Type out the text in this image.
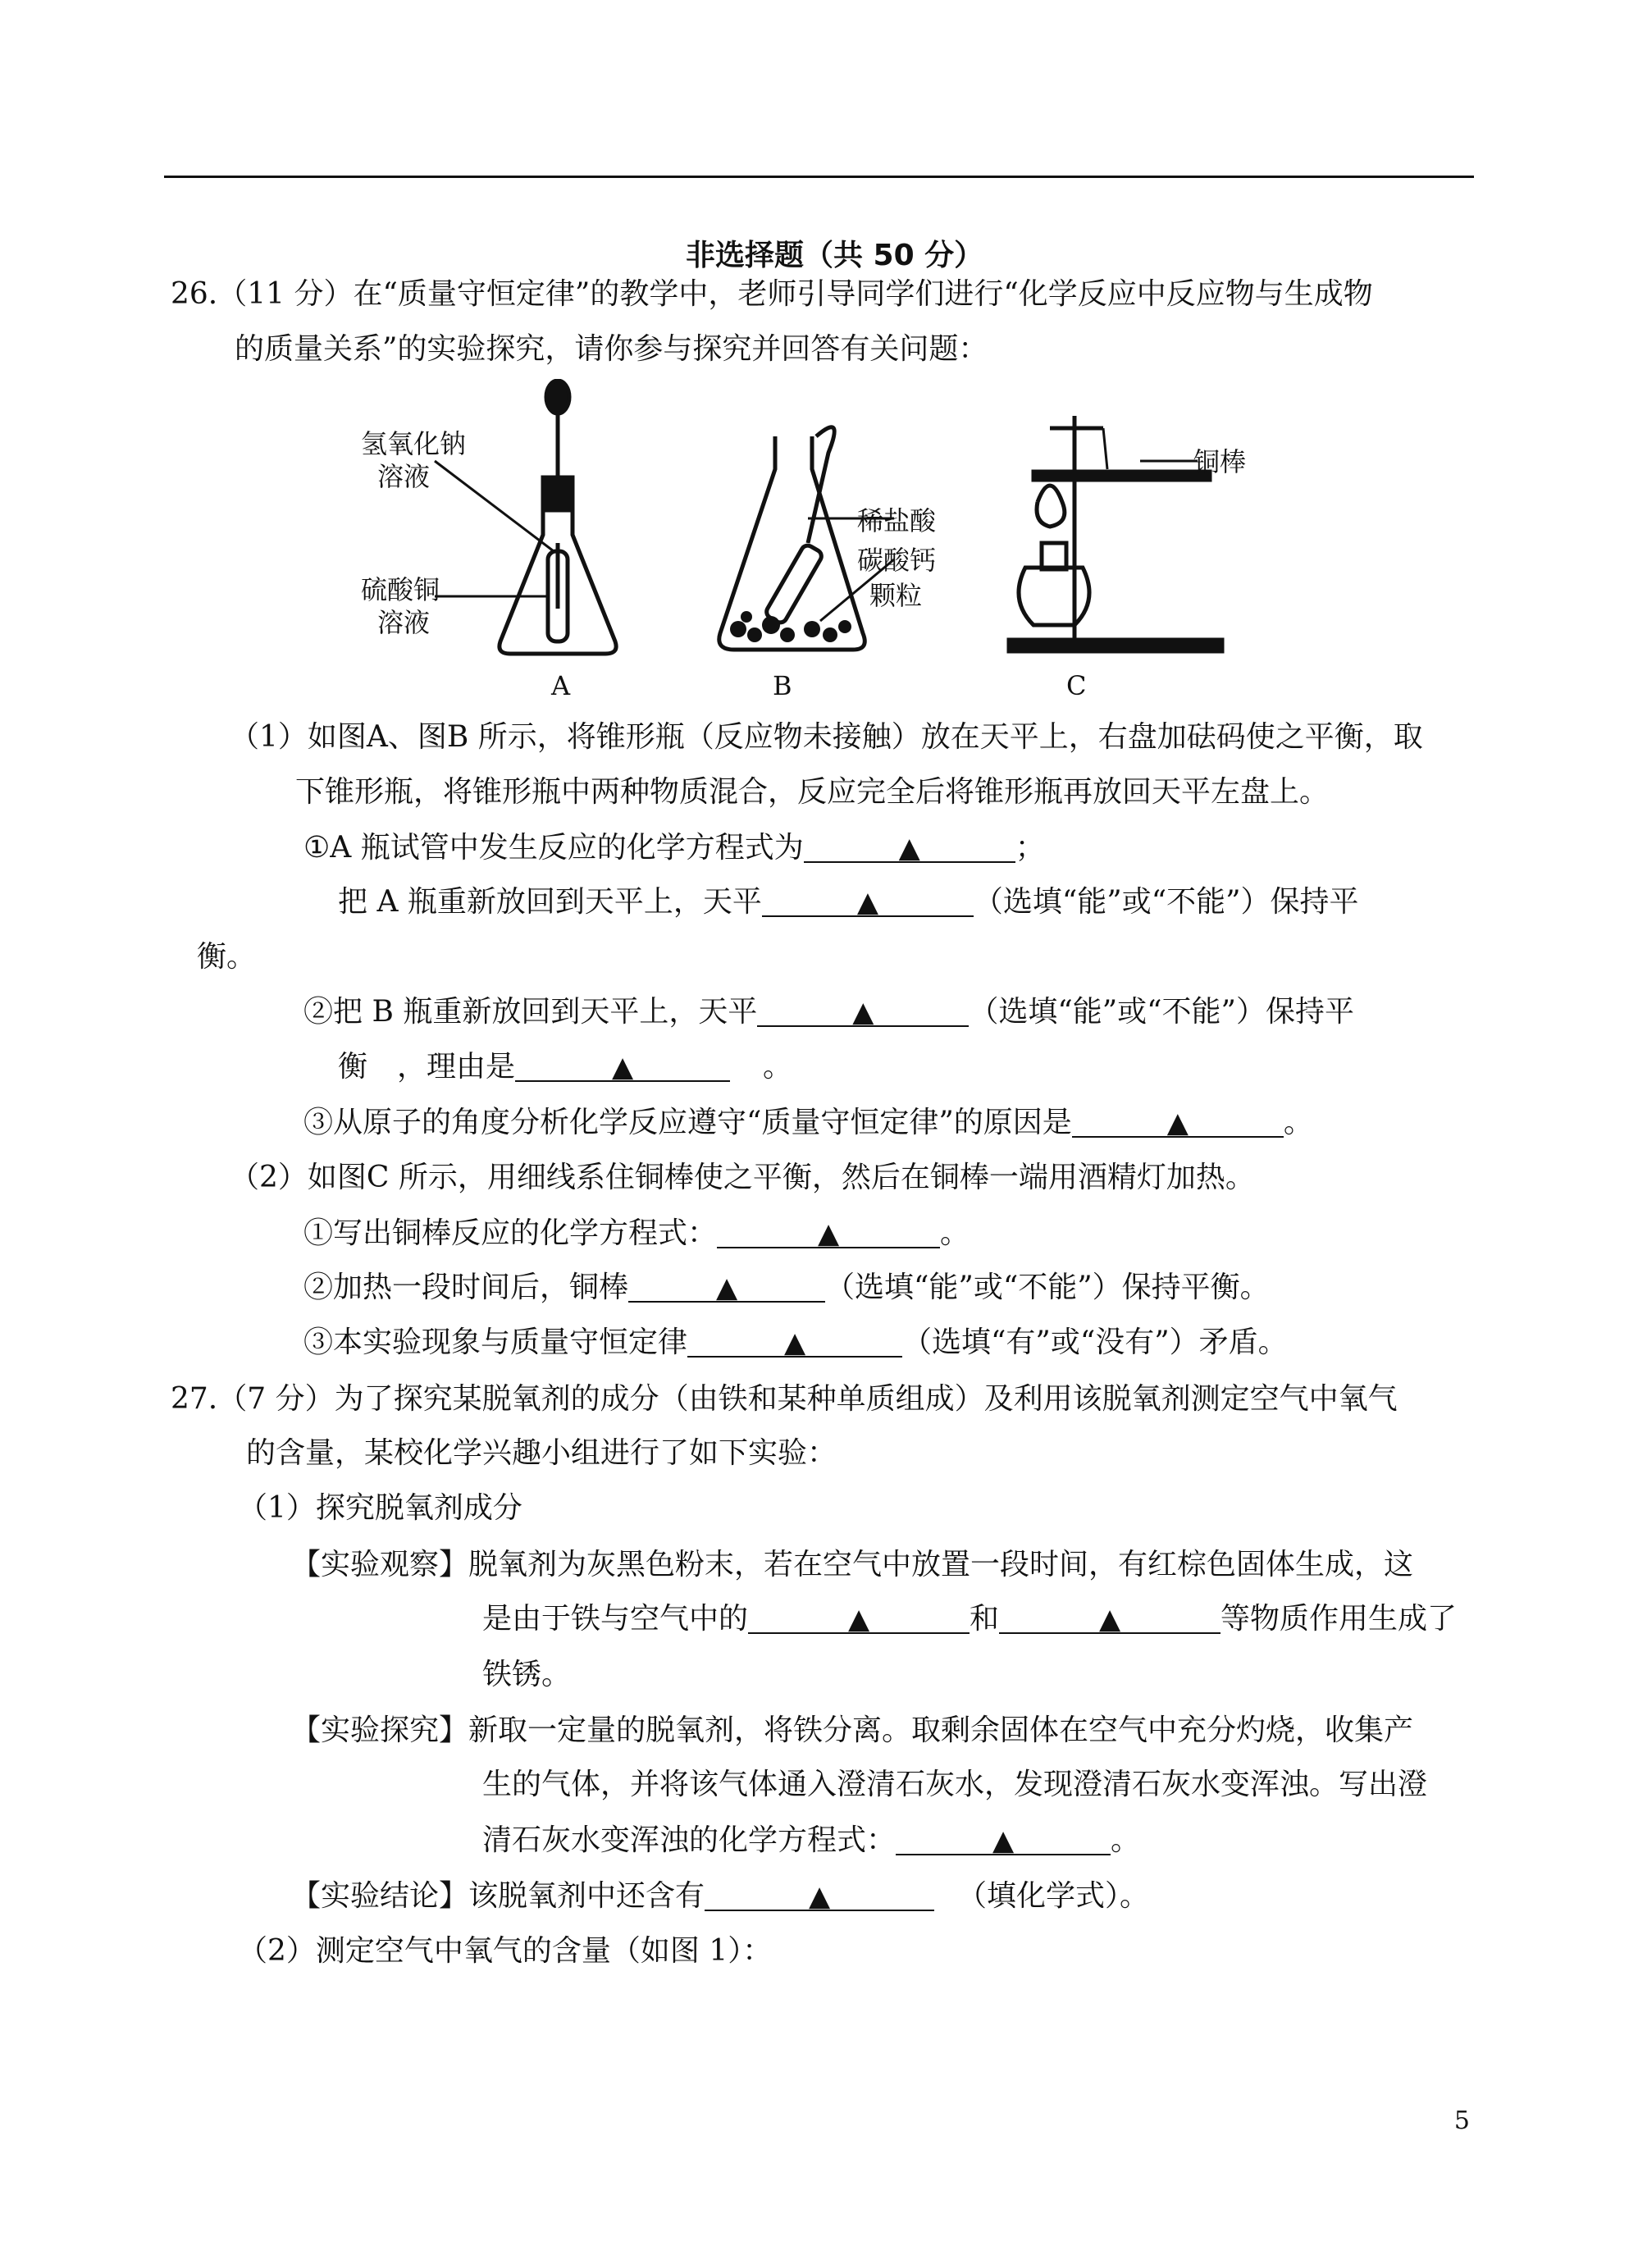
非选择题（共 50 分）
26.（11 分）在“质量守恒定律”的教学中，老师引导同学们进行“化学反应中反应物与生成物
的质量关系”的实验探究，请你参与探究并回答有关问题：
氢氧化钠
溶液
硫酸铜
溶液
稀盐酸
碳酸钙
颗粒
铜棒
A	B	C
（1）如图A、图B 所示，将锥形瓶（反应物未接触）放在天平上，右盘加砝码使之平衡，取
下锥形瓶，将锥形瓶中两种物质混合，反应完全后将锥形瓶再放回天平左盘上。
①A 瓶试管中发生反应的化学方程式为	▲	；
把 A 瓶重新放回到天平上，天平	▲	（选填“能”或“不能”）保持平
衡。
②把 B 瓶重新放回到天平上，天平	▲	（选填“能”或“不能”）保持平
衡　，理由是	▲	。
③从原子的角度分析化学反应遵守“质量守恒定律”的原因是	▲	。
（2）如图C 所示，用细线系住铜棒使之平衡，然后在铜棒一端用酒精灯加热。
①写出铜棒反应的化学方程式：	▲	。
②加热一段时间后，铜棒	▲	（选填“能”或“不能”）保持平衡。
③本实验现象与质量守恒定律	▲	（选填“有”或“没有”）矛盾。
27.（7 分）为了探究某脱氧剂的成分（由铁和某种单质组成）及利用该脱氧剂测定空气中氧气
的含量，某校化学兴趣小组进行了如下实验：
（1）探究脱氧剂成分
【实验观察】脱氧剂为灰黑色粉末，若在空气中放置一段时间，有红棕色固体生成，这
是由于铁与空气中的	▲	和	▲	等物质作用生成了
铁锈。
【实验探究】新取一定量的脱氧剂，将铁分离。取剩余固体在空气中充分灼烧，收集产
生的气体，并将该气体通入澄清石灰水，发现澄清石灰水变浑浊。写出澄
清石灰水变浑浊的化学方程式：	▲	。
【实验结论】该脱氧剂中还含有	▲	（填化学式）。
（2）测定空气中氧气的含量（如图 1）：
5
